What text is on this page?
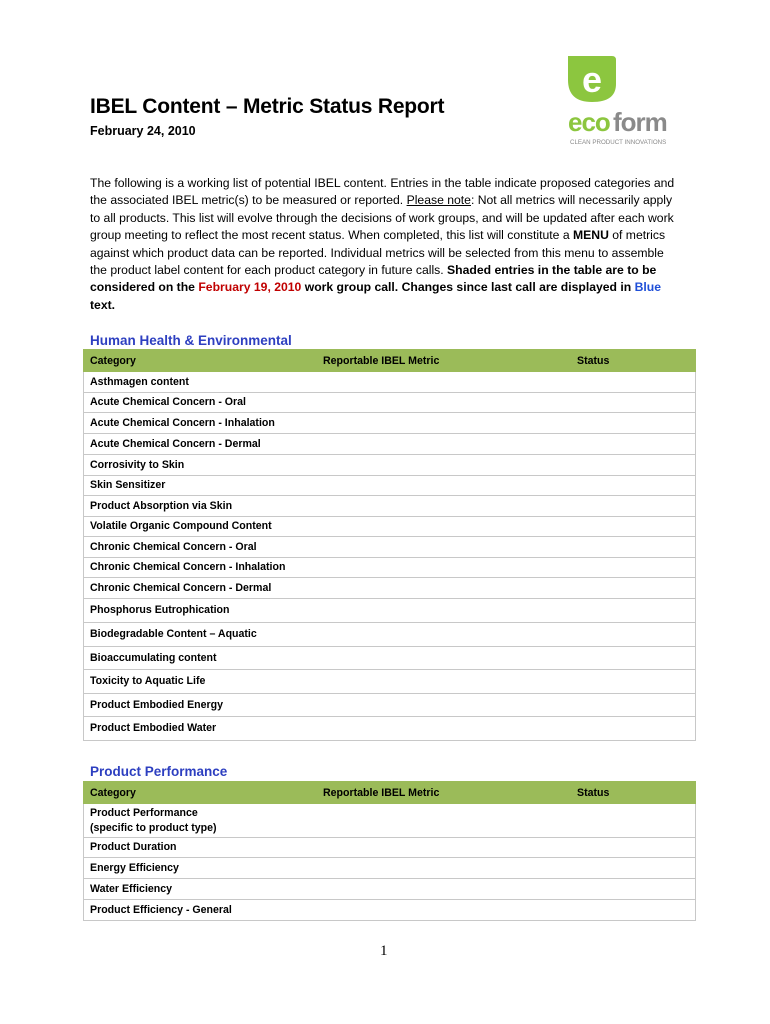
IBEL Content – Metric Status Report
February 24, 2010
e
eco form
CLEAN PRODUCT INNOVATIONS
The following is a working list of potential IBEL content. Entries in the table indicate proposed categories and the associated IBEL metric(s) to be measured or reported. Please note: Not all metrics will necessarily apply to all products. This list will evolve through the decisions of work groups, and will be updated after each work group meeting to reflect the most recent status. When completed, this list will constitute a MENU of metrics against which product data can be reported. Individual metrics will be selected from this menu to assemble the product label content for each product category in future calls. Shaded entries in the table are to be considered on the February 19, 2010 work group call. Changes since last call are displayed in Blue text.
Human Health & Environmental
Category	Reportable IBEL Metric	Status
Asthmagen content
Acute Chemical Concern - Oral
Acute Chemical Concern - Inhalation
Acute Chemical Concern - Dermal
Corrosivity to Skin
Skin Sensitizer
Product Absorption via Skin
Volatile Organic Compound Content
Chronic Chemical Concern - Oral
Chronic Chemical Concern - Inhalation
Chronic Chemical Concern - Dermal
Phosphorus Eutrophication
Biodegradable Content – Aquatic
Bioaccumulating content
Toxicity to Aquatic Life
Product Embodied Energy
Product Embodied Water
Product Performance
Category	Reportable IBEL Metric	Status
Product Performance
(specific to product type)
Product Duration
Energy Efficiency
Water Efficiency
Product Efficiency - General
1
